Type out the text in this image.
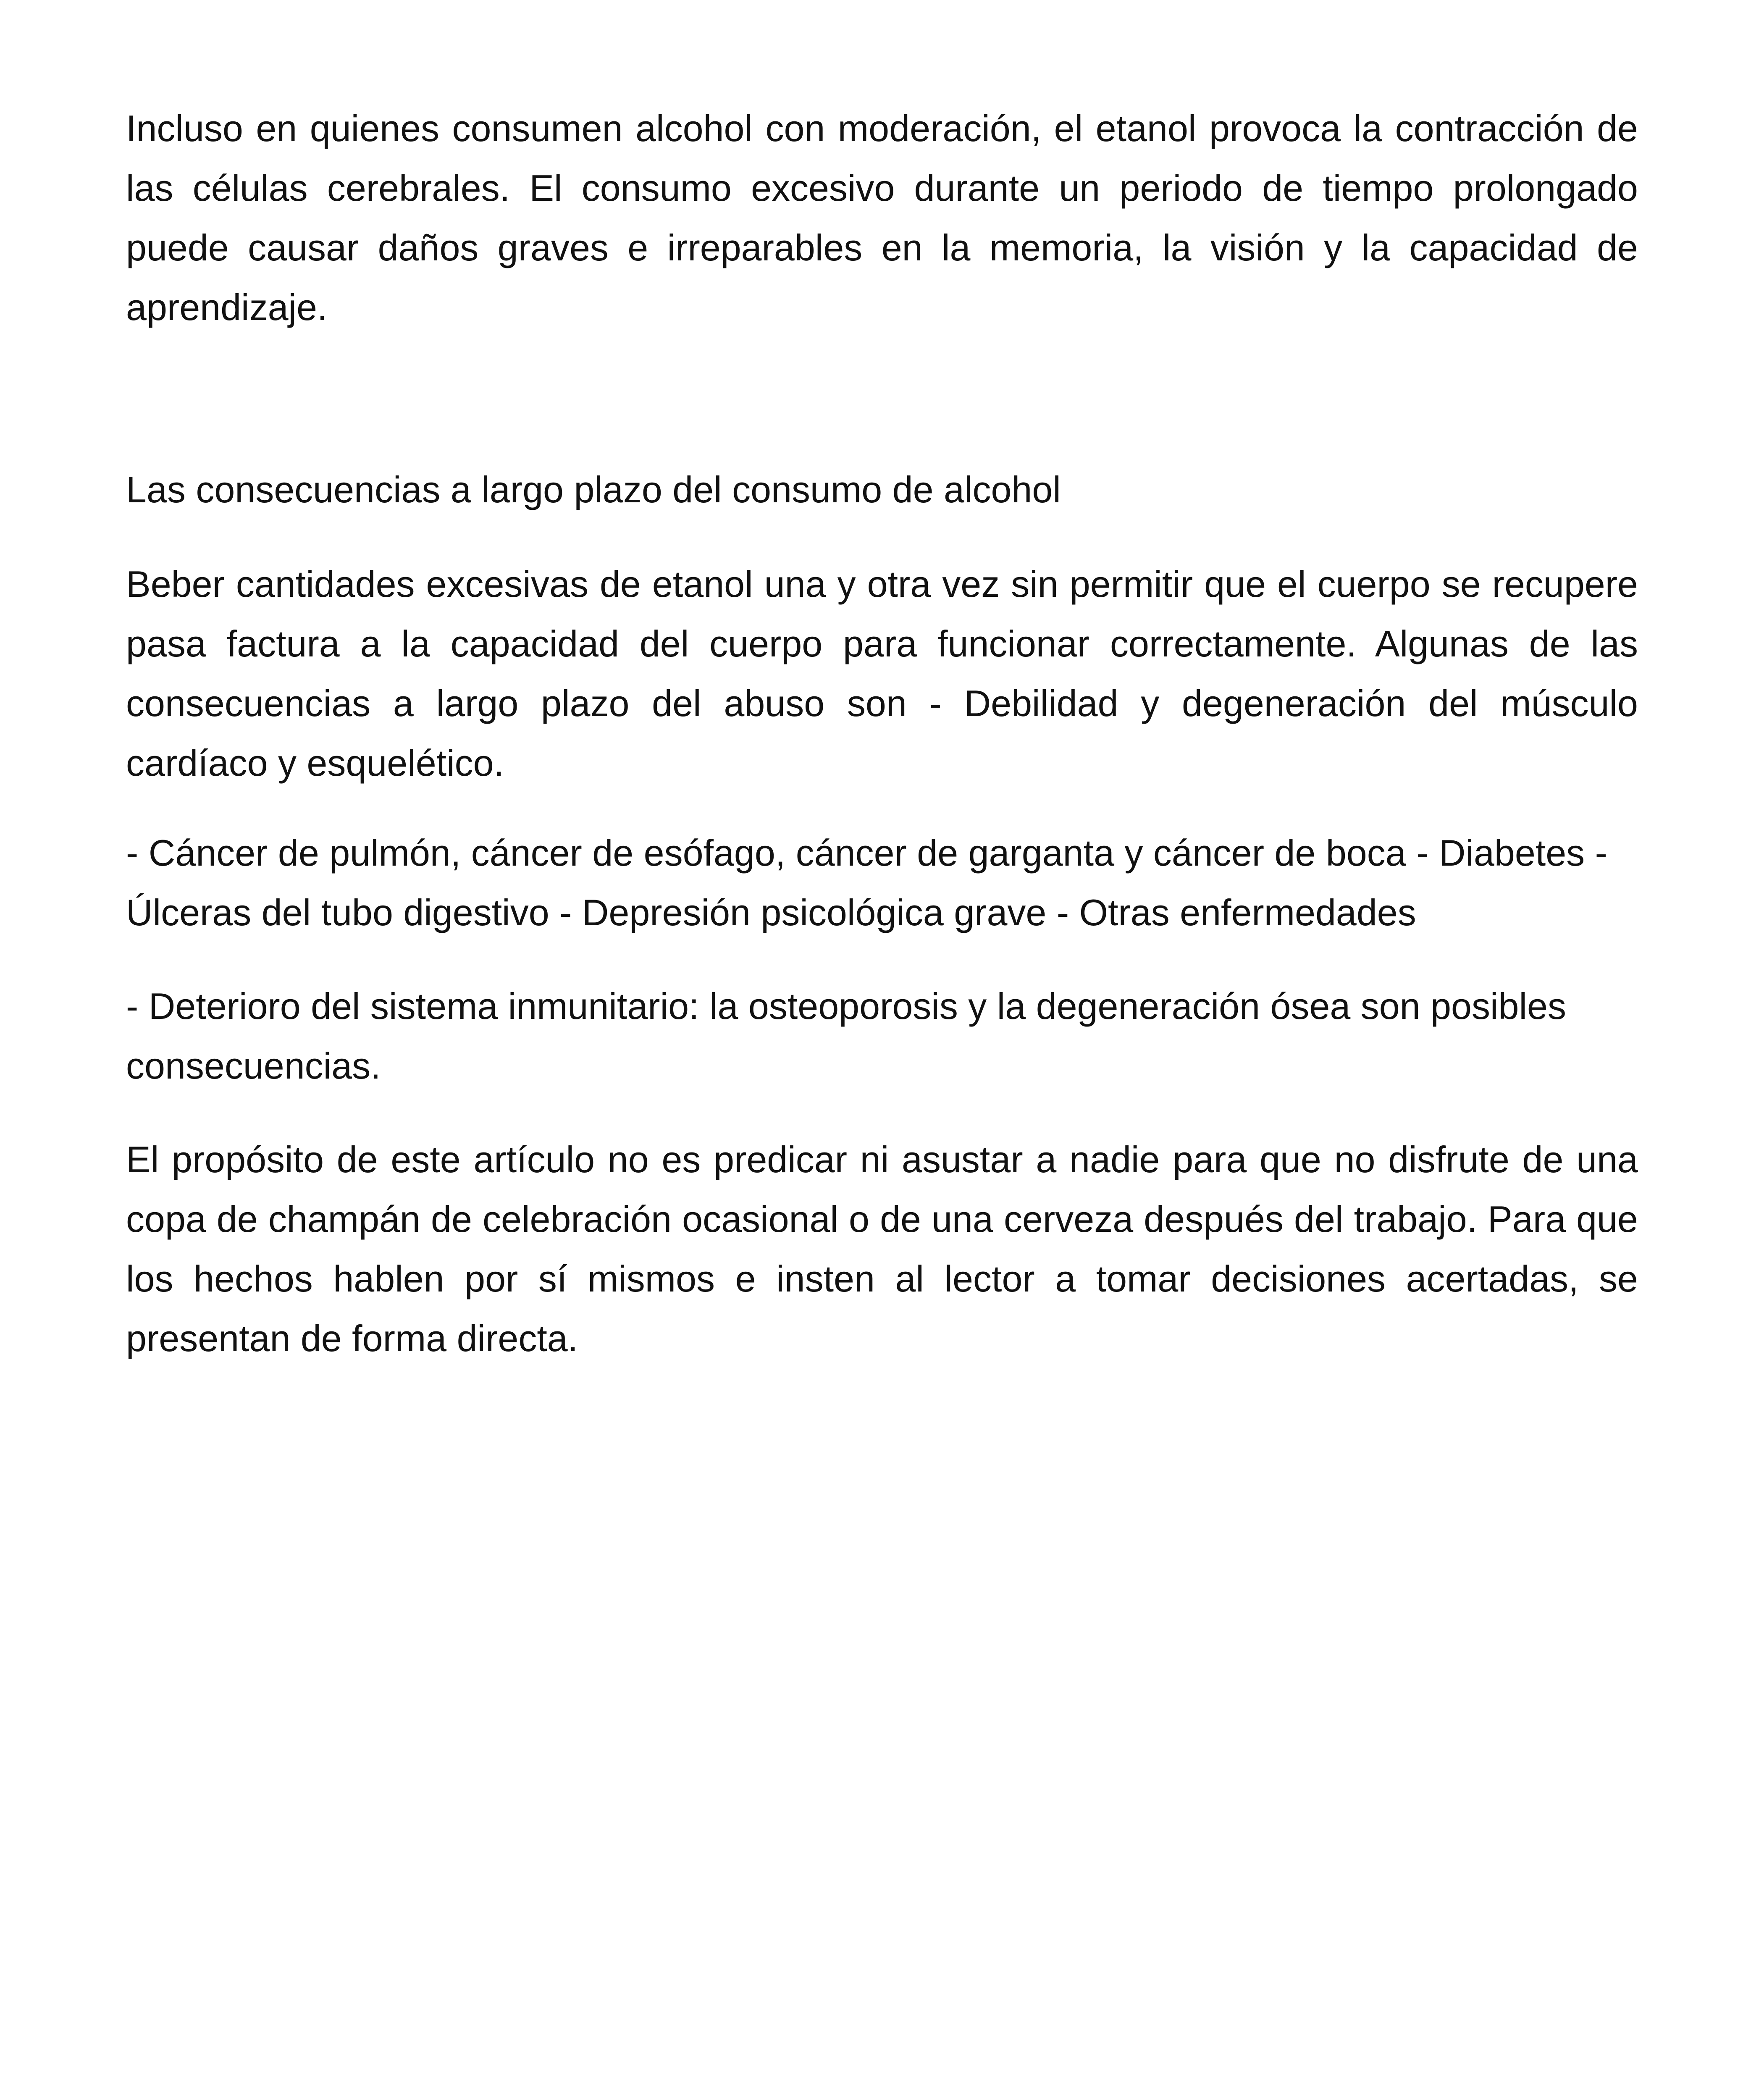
Incluso en quienes consumen alcohol con moderación, el etanol provoca la contracción de las células cerebrales. El consumo excesivo durante un periodo de tiempo prolongado puede causar daños graves e irreparables en la memoria, la visión y la capacidad de aprendizaje.

Las consecuencias a largo plazo del consumo de alcohol

Beber cantidades excesivas de etanol una y otra vez sin permitir que el cuerpo se recupere pasa factura a la capacidad del cuerpo para funcionar correctamente. Algunas de las consecuencias a largo plazo del abuso son - Debilidad y degeneración del músculo cardíaco y esquelético.

- Cáncer de pulmón, cáncer de esófago, cáncer de garganta y cáncer de boca - Diabetes - Úlceras del tubo digestivo - Depresión psicológica grave - Otras enfermedades

- Deterioro del sistema inmunitario: la osteoporosis y la degeneración ósea son posibles consecuencias.

El propósito de este artículo no es predicar ni asustar a nadie para que no disfrute de una copa de champán de celebración ocasional o de una cerveza después del trabajo. Para que los hechos hablen por sí mismos e insten al lector a tomar decisiones acertadas, se presentan de forma directa.
